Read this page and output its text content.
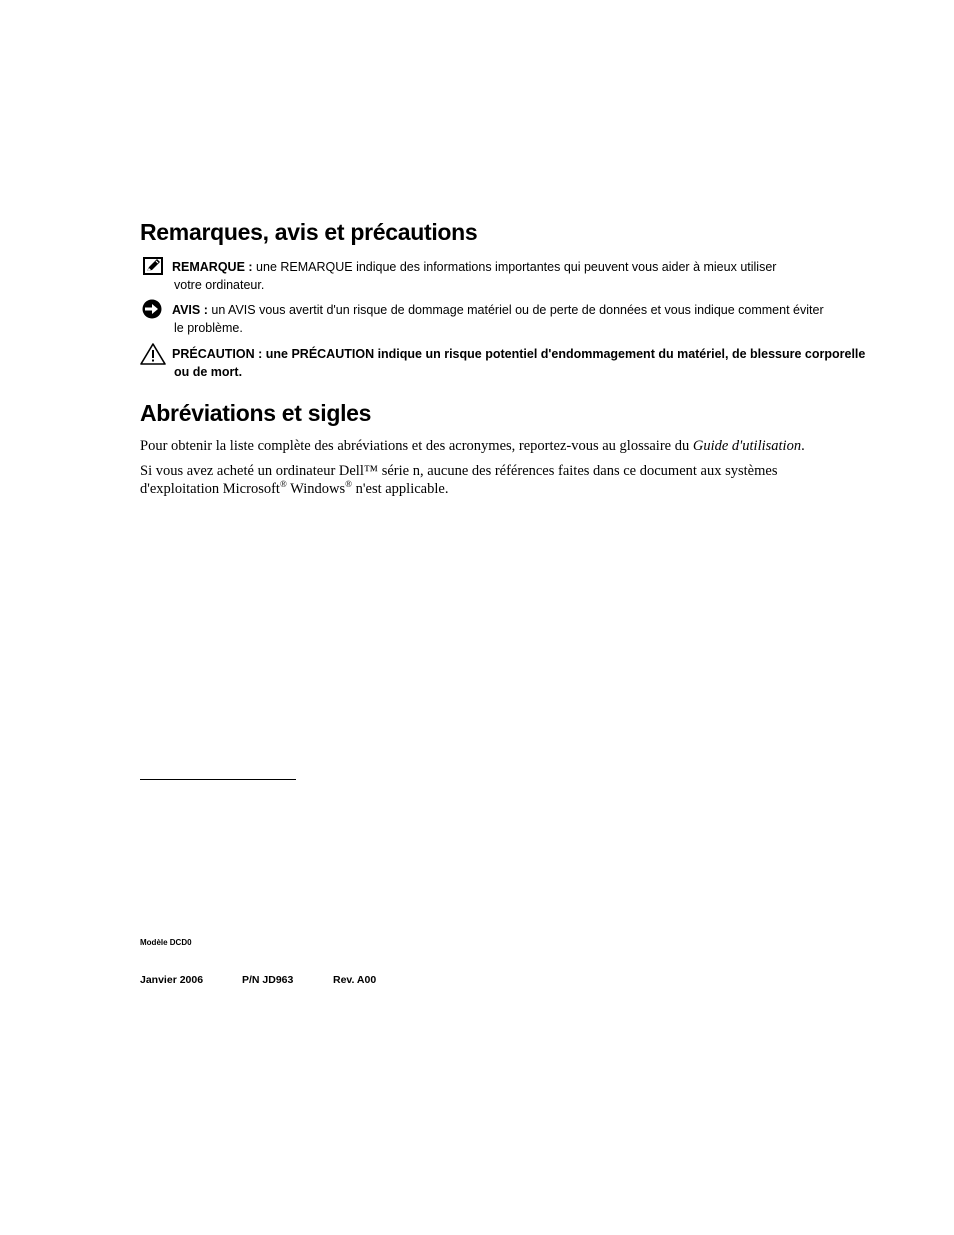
Remarques, avis et précautions
REMARQUE : une REMARQUE indique des informations importantes qui peuvent vous aider à mieux utiliser
votre ordinateur.
AVIS : un AVIS vous avertit d'un risque de dommage matériel ou de perte de données et vous indique comment éviter
le problème.
PRÉCAUTION : une PRÉCAUTION indique un risque potentiel d'endommagement du matériel, de blessure corporelle
ou de mort.
Abréviations et sigles

Pour obtenir la liste complète des abréviations et des acronymes, reportez-vous au glossaire du Guide d'utilisation.

Si vous avez acheté un ordinateur Dell™ série n, aucune des références faites dans ce document aux systèmes
d'exploitation Microsoft® Windows® n'est applicable.

Modèle DCD0
Janvier 2006	P/N JD963	Rev. A00
